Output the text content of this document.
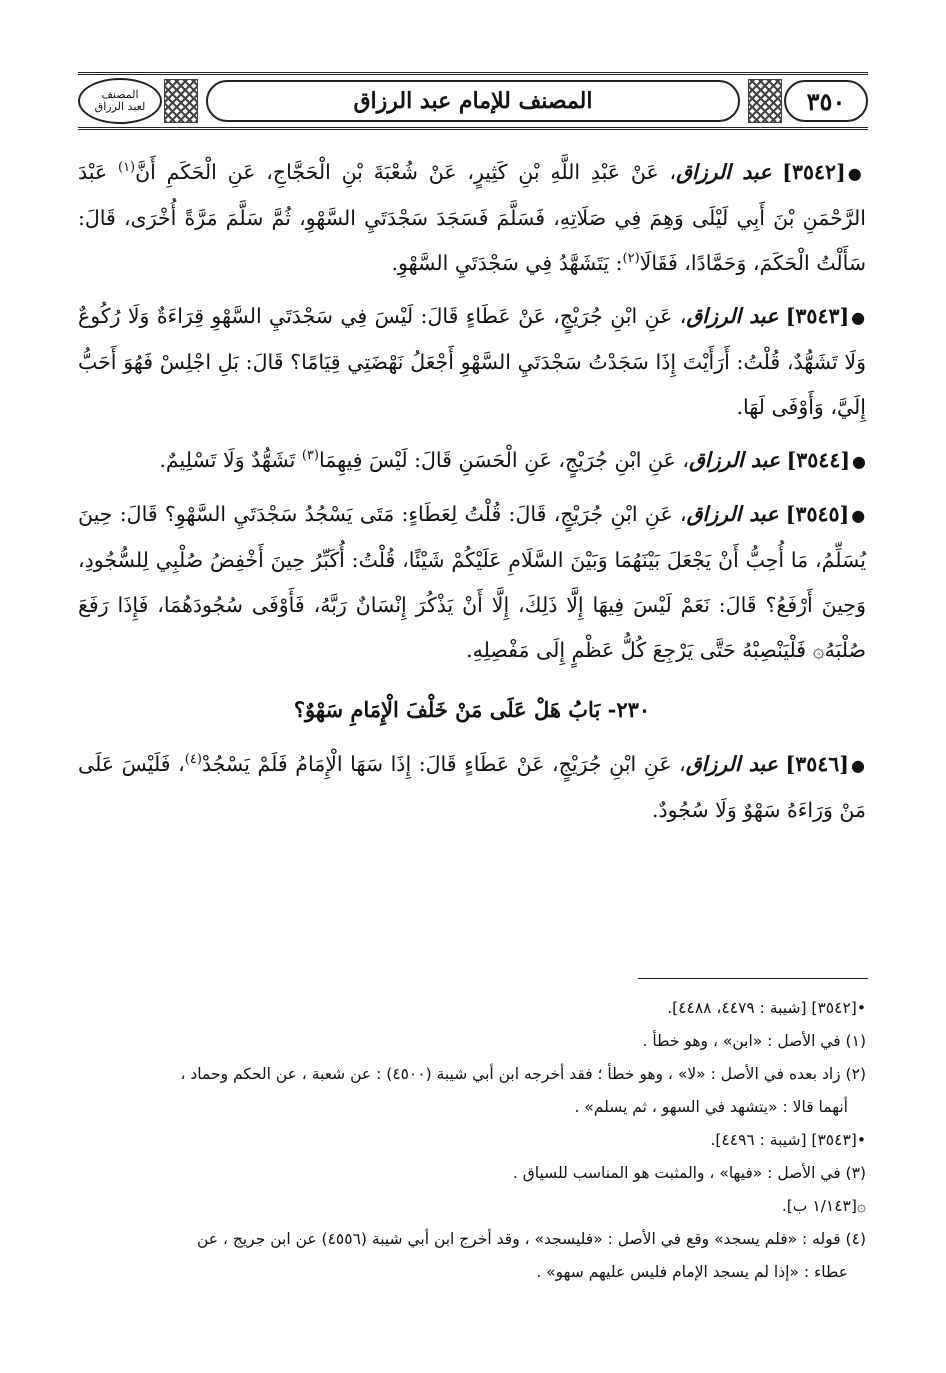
المصنف
لعبد الرزاق	المصنف للإمام عبد الرزاق	٣٥٠

●[٣٥٤٢] عبد الرزاق، عَنْ عَبْدِ اللَّهِ بْنِ كَثِيرٍ، عَنْ شُعْبَةَ بْنِ الْحَجَّاجِ، عَنِ الْحَكَمِ أَنَّ$^{(١)}$ عَبْدَ الرَّحْمَنِ بْنَ أَبِي لَيْلَى وَهِمَ فِي صَلَاتِهِ، فَسَلَّمَ فَسَجَدَ سَجْدَتَيِ السَّهْوِ، ثُمَّ سَلَّمَ مَرَّةً أُخْرَى، قَالَ: سَأَلْتُ الْحَكَمَ، وَحَمَّادًا، فَقَالَا$^{(٢)}$: يَتَشَهَّدُ فِي سَجْدَتَيِ السَّهْوِ.

●[٣٥٤٣] عبد الرزاق، عَنِ ابْنِ جُرَيْجٍ، عَنْ عَطَاءٍ قَالَ: لَيْسَ فِي سَجْدَتَيِ السَّهْوِ قِرَاءَةٌ وَلَا رُكُوعٌ وَلَا تَشَهُّدٌ، قُلْتُ: أَرَأَيْتَ إِذَا سَجَدْتُ سَجْدَتَيِ السَّهْوِ أَجْعَلُ نَهْضَتِي قِيَامًا؟ قَالَ: بَلِ اجْلِسْ فَهُوَ أَحَبُّ إِلَيَّ، وَأَوْفَى لَهَا.

●[٣٥٤٤] عبد الرزاق، عَنِ ابْنِ جُرَيْجٍ، عَنِ الْحَسَنِ قَالَ: لَيْسَ فِيهِمَا$^{(٣)}$ تَشَهُّدٌ وَلَا تَسْلِيمٌ.

●[٣٥٤٥] عبد الرزاق، عَنِ ابْنِ جُرَيْجٍ، قَالَ: قُلْتُ لِعَطَاءٍ: مَتَى يَسْجُدُ سَجْدَتَيِ السَّهْوِ؟ قَالَ: حِينَ يُسَلِّمُ، مَا أُحِبُّ أَنْ يَجْعَلَ بَيْنَهُمَا وَبَيْنَ السَّلَامِ عَلَيْكُمْ شَيْئًا، قُلْتُ: أُكَبِّرُ حِينَ أَخْفِضُ صُلْبِي لِلسُّجُودِ، وَحِينَ أَرْفَعُ؟ قَالَ: نَعَمْ لَيْسَ فِيهَا إِلَّا ذَلِكَ، إِلَّا أَنْ يَذْكُرَ إِنْسَانٌ رَبَّهُ، فَأَوْفَى سُجُودَهُمَا، فَإِذَا رَفَعَ صُلْبَهُ۞ فَلْيَنْصِبْهُ حَتَّى يَرْجِعَ كُلُّ عَظْمٍ إِلَى مَفْصِلِهِ.

٢٣٠- بَابُ هَلْ عَلَى مَنْ خَلْفَ الْإِمَامِ سَهْوٌ؟

●[٣٥٤٦] عبد الرزاق، عَنِ ابْنِ جُرَيْجٍ، عَنْ عَطَاءٍ قَالَ: إِذَا سَهَا الْإِمَامُ فَلَمْ يَسْجُدْ$^{(٤)}$، فَلَيْسَ عَلَى مَنْ وَرَاءَهُ سَهْوٌ وَلَا سُجُودٌ.

•[٣٥٤٢] [شيبة : ٤٤٧٩، ٤٤٨٨].

(١) في الأصل : «ابن» ، وهو خطأ .

(٢) زاد بعده في الأصل : «لا» ، وهو خطأ ؛ فقد أخرجه ابن أبي شيبة (٤٥٠٠) : عن شعبة ، عن الحكم وحماد ،

أنهما قالا : «يتشهد في السهو ، ثم يسلم» .

•[٣٥٤٣] [شيبة : ٤٤٩٦].

(٣) في الأصل : «فيها» ، والمثبت هو المناسب للسياق .

۞[١/١٤٣ ب].

(٤) قوله : «فلم يسجد» وقع في الأصل : «فليسجد» ، وقد أخرج ابن أبي شيبة (٤٥٥٦) عن ابن جريج ، عن

عطاء : «إذا لم يسجد الإمام فليس عليهم سهو» .
